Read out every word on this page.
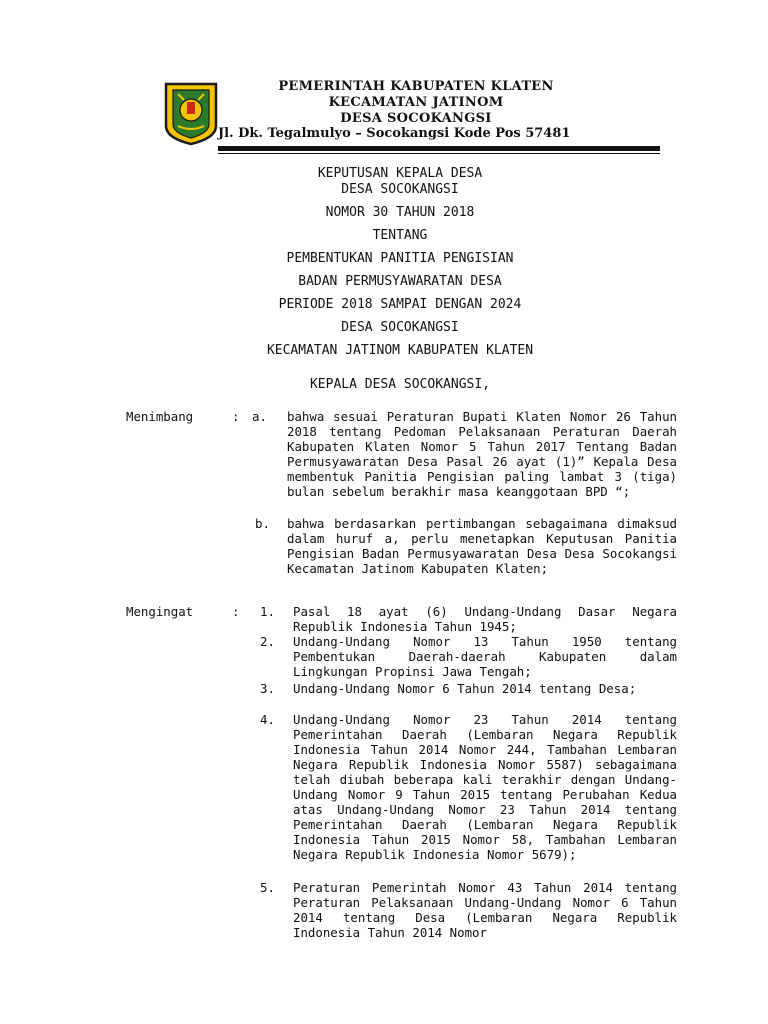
PEMERINTAH KABUPATEN KLATEN
KECAMATAN JATINOM
DESA SOCOKANGSI
Jl. Dk. Tegalmulyo – Socokangsi Kode Pos 57481
KEPUTUSAN KEPALA DESA
DESA SOCOKANGSI
NOMOR 30 TAHUN 2018
TENTANG
PEMBENTUKAN PANITIA PENGISIAN
BADAN PERMUSYAWARATAN DESA
PERIODE 2018 SAMPAI DENGAN 2024
DESA SOCOKANGSI
KECAMATAN JATINOM KABUPATEN KLATEN
KEPALA DESA SOCOKANGSI,
Menimbang	: a. bahwa sesuai Peraturan Bupati Klaten Nomor 26 Tahun 2018 tentang Pedoman Pelaksanaan Peraturan Daerah Kabupaten Klaten Nomor 5 Tahun 2017 Tentang Badan Permusyawaratan Desa Pasal 26 ayat (1)” Kepala Desa membentuk Panitia Pengisian paling lambat 3 (tiga) bulan sebelum berakhir masa keanggotaan BPD “;
b. bahwa berdasarkan pertimbangan sebagaimana dimaksud dalam huruf a, perlu menetapkan Keputusan Panitia Pengisian Badan Permusyawaratan Desa Desa Socokangsi Kecamatan Jatinom Kabupaten Klaten;
Mengingat	: 1. Pasal 18 ayat (6) Undang-Undang Dasar Negara Republik Indonesia Tahun 1945;
2. Undang-Undang Nomor 13 Tahun 1950 tentang Pembentukan Daerah-daerah Kabupaten dalam Lingkungan Propinsi Jawa Tengah;
3. Undang-Undang Nomor 6 Tahun 2014 tentang Desa;
4. Undang-Undang Nomor 23 Tahun 2014 tentang Pemerintahan Daerah (Lembaran Negara Republik Indonesia Tahun 2014 Nomor 244, Tambahan Lembaran Negara Republik Indonesia Nomor 5587) sebagaimana telah diubah beberapa kali terakhir dengan Undang-Undang Nomor 9 Tahun 2015 tentang Perubahan Kedua atas Undang-Undang Nomor 23 Tahun 2014 tentang Pemerintahan Daerah (Lembaran Negara Republik Indonesia Tahun 2015 Nomor 58, Tambahan Lembaran Negara Republik Indonesia Nomor 5679);
5. Peraturan Pemerintah Nomor 43 Tahun 2014 tentang Peraturan Pelaksanaan Undang-Undang Nomor 6 Tahun 2014 tentang Desa (Lembaran Negara Republik Indonesia Tahun 2014 Nomor
